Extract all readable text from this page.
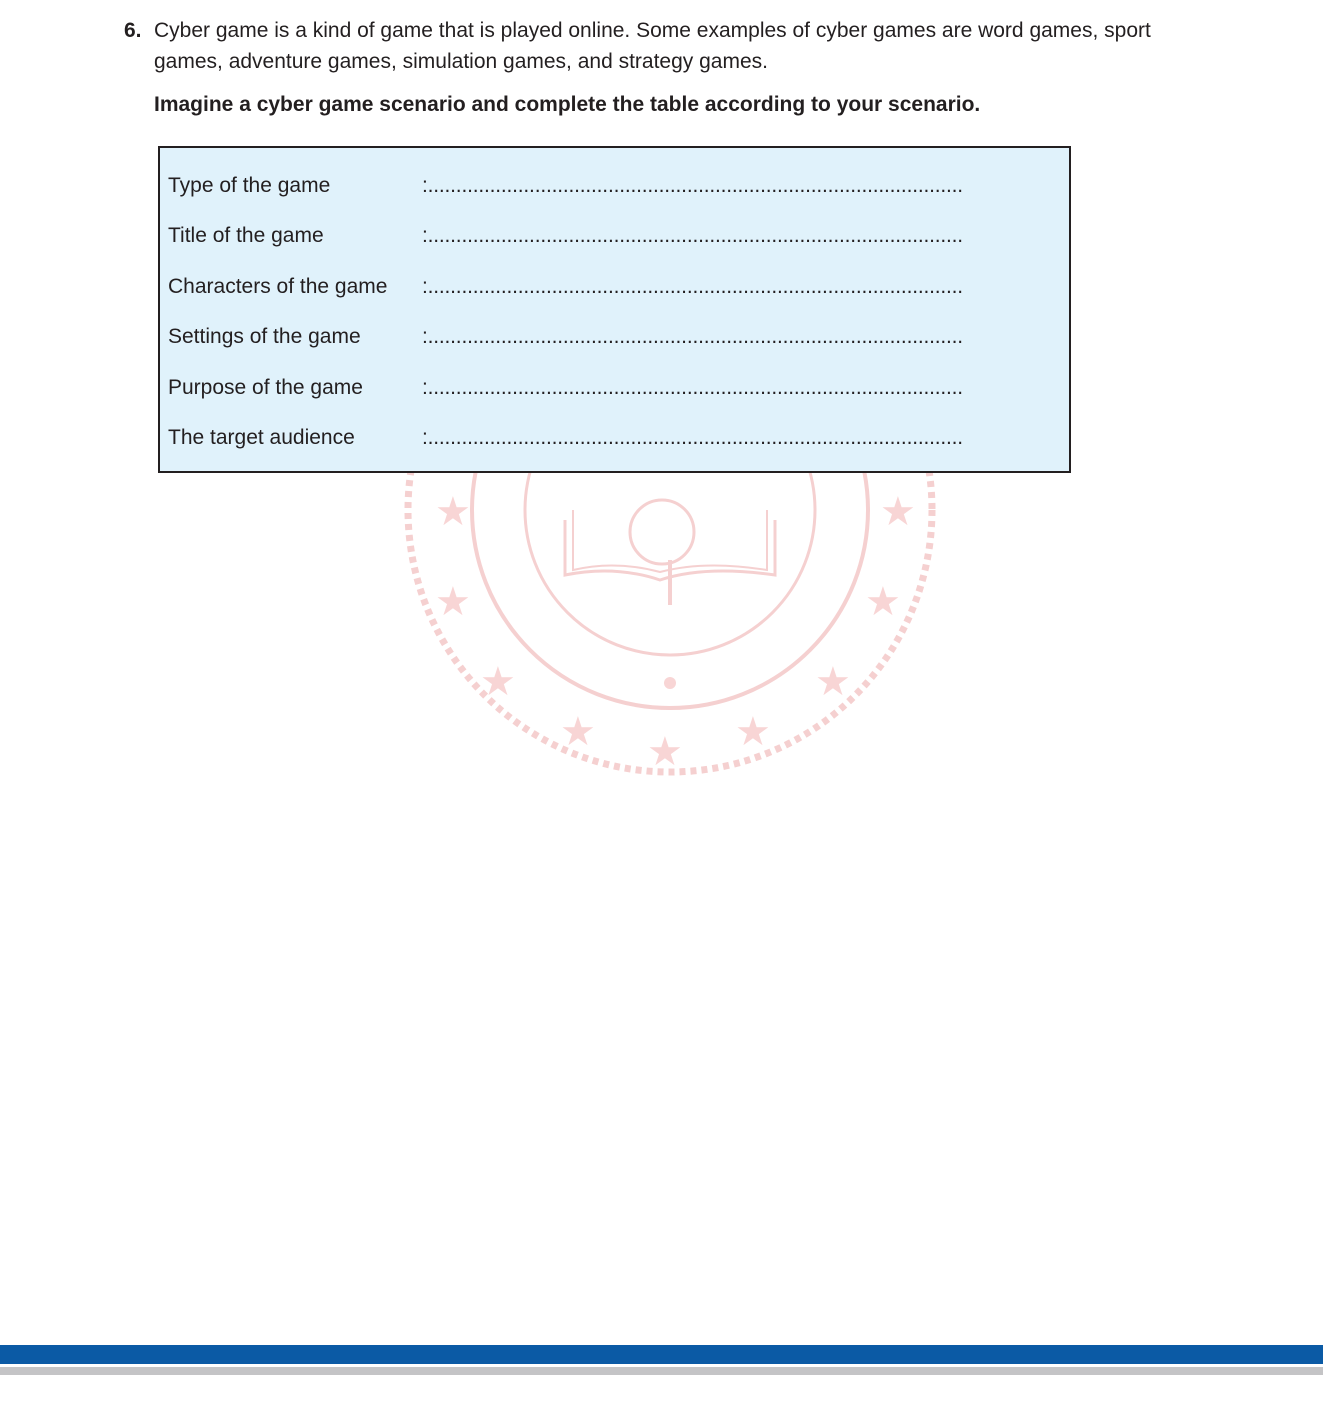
★
★
★
★ ★ ★
★
★
★
6. Cyber game is a kind of game that is played online. Some examples of cyber games are word games, sport games, adventure games, simulation games, and strategy games.

Imagine a cyber game scenario and complete the table according to your scenario.

Type of the game	:...............................................................................................
Title of the game	:...............................................................................................
Characters of the game :...............................................................................................
Settings of the game	:...............................................................................................
Purpose of the game	:...............................................................................................
The target audience	:...............................................................................................
